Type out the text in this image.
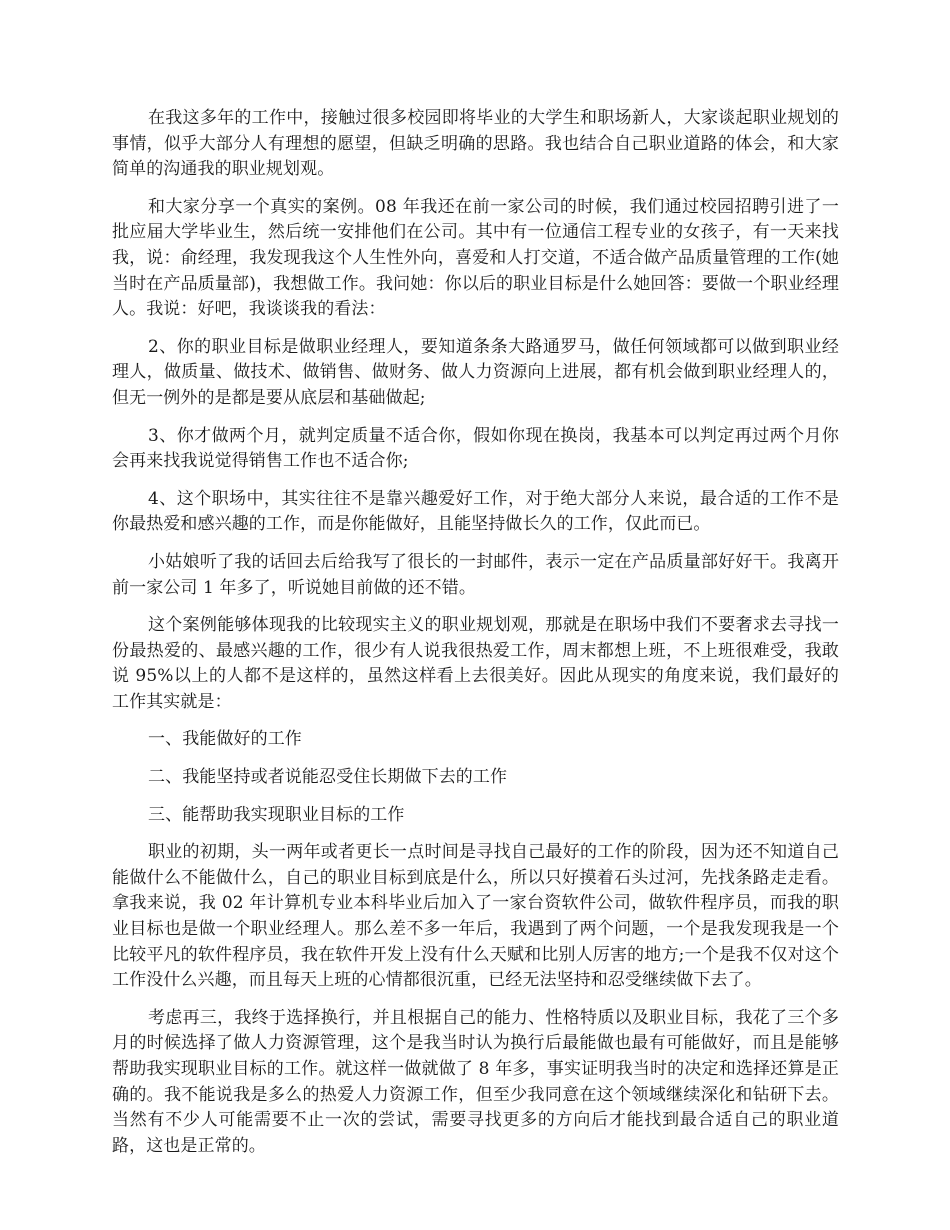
在我这多年的工作中，接触过很多校园即将毕业的大学生和职场新人，大家谈起职业规划的事情，似乎大部分人有理想的愿望，但缺乏明确的思路。我也结合自己职业道路的体会，和大家简单的沟通我的职业规划观。

和大家分享一个真实的案例。08 年我还在前一家公司的时候，我们通过校园招聘引进了一批应届大学毕业生，然后统一安排他们在公司。其中有一位通信工程专业的女孩子，有一天来找我，说：俞经理，我发现我这个人生性外向，喜爱和人打交道，不适合做产品质量管理的工作(她当时在产品质量部)，我想做工作。我问她：你以后的职业目标是什么她回答：要做一个职业经理人。我说：好吧，我谈谈我的看法：

2、你的职业目标是做职业经理人，要知道条条大路通罗马，做任何领域都可以做到职业经理人，做质量、做技术、做销售、做财务、做人力资源向上进展，都有机会做到职业经理人的，但无一例外的是都是要从底层和基础做起;

3、你才做两个月，就判定质量不适合你，假如你现在换岗，我基本可以判定再过两个月你会再来找我说觉得销售工作也不适合你;

4、这个职场中，其实往往不是靠兴趣爱好工作，对于绝大部分人来说，最合适的工作不是你最热爱和感兴趣的工作，而是你能做好，且能坚持做长久的工作，仅此而已。

小姑娘听了我的话回去后给我写了很长的一封邮件，表示一定在产品质量部好好干。我离开前一家公司 1 年多了，听说她目前做的还不错。

这个案例能够体现我的比较现实主义的职业规划观，那就是在职场中我们不要奢求去寻找一份最热爱的、最感兴趣的工作，很少有人说我很热爱工作，周末都想上班，不上班很难受，我敢说 95%以上的人都不是这样的，虽然这样看上去很美好。因此从现实的角度来说，我们最好的工作其实就是：

一、我能做好的工作

二、我能坚持或者说能忍受住长期做下去的工作

三、能帮助我实现职业目标的工作

职业的初期，头一两年或者更长一点时间是寻找自己最好的工作的阶段，因为还不知道自己能做什么不能做什么，自己的职业目标到底是什么，所以只好摸着石头过河，先找条路走走看。拿我来说，我 02 年计算机专业本科毕业后加入了一家台资软件公司，做软件程序员，而我的职业目标也是做一个职业经理人。那么差不多一年后，我遇到了两个问题，一个是我发现我是一个比较平凡的软件程序员，我在软件开发上没有什么天赋和比别人厉害的地方;一个是我不仅对这个工作没什么兴趣，而且每天上班的心情都很沉重，已经无法坚持和忍受继续做下去了。

考虑再三，我终于选择换行，并且根据自己的能力、性格特质以及职业目标，我花了三个多月的时候选择了做人力资源管理，这个是我当时认为换行后最能做也最有可能做好，而且是能够帮助我实现职业目标的工作。就这样一做就做了 8 年多，事实证明我当时的决定和选择还算是正确的。我不能说我是多么的热爱人力资源工作，但至少我同意在这个领域继续深化和钻研下去。当然有不少人可能需要不止一次的尝试，需要寻找更多的方向后才能找到最合适自己的职业道路，这也是正常的。
